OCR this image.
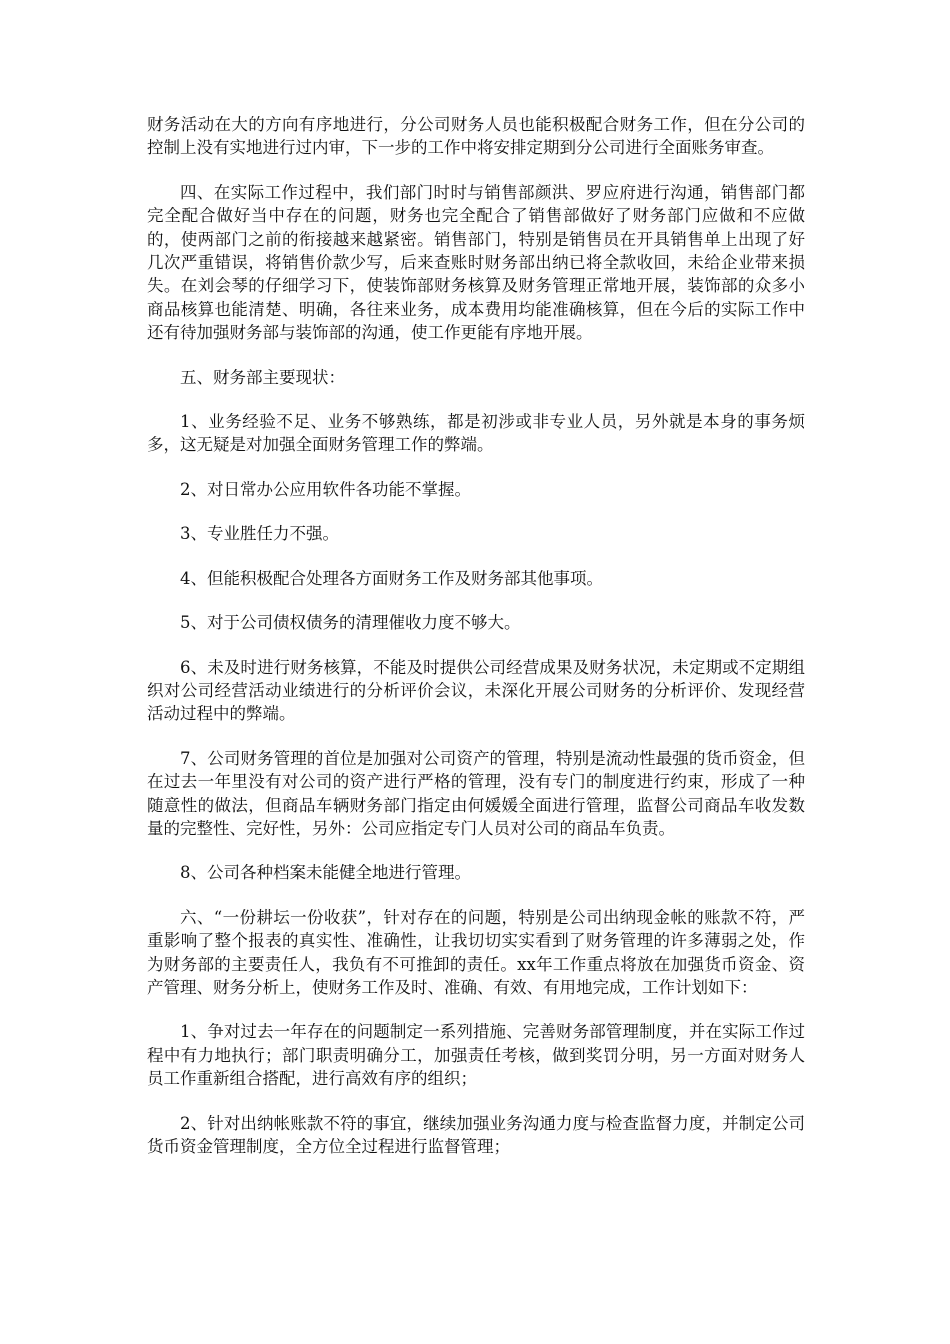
财务活动在大的方向有序地进行，分公司财务人员也能积极配合财务工作，但在分公司的控制上没有实地进行过内审，下一步的工作中将安排定期到分公司进行全面账务审查。

四、在实际工作过程中，我们部门时时与销售部颜洪、罗应府进行沟通，销售部门都完全配合做好当中存在的问题，财务也完全配合了销售部做好了财务部门应做和不应做的，使两部门之前的衔接越来越紧密。销售部门，特别是销售员在开具销售单上出现了好几次严重错误，将销售价款少写，后来查账时财务部出纳已将全款收回，未给企业带来损失。在刘会琴的仔细学习下，使装饰部财务核算及财务管理正常地开展，装饰部的众多小商品核算也能清楚、明确，各往来业务，成本费用均能准确核算，但在今后的实际工作中还有待加强财务部与装饰部的沟通，使工作更能有序地开展。

五、财务部主要现状：

1、业务经验不足、业务不够熟练，都是初涉或非专业人员，另外就是本身的事务烦多，这无疑是对加强全面财务管理工作的弊端。

2、对日常办公应用软件各功能不掌握。

3、专业胜任力不强。

4、但能积极配合处理各方面财务工作及财务部其他事项。

5、对于公司债权债务的清理催收力度不够大。

6、未及时进行财务核算，不能及时提供公司经营成果及财务状况，未定期或不定期组织对公司经营活动业绩进行的分析评价会议，未深化开展公司财务的分析评价、发现经营活动过程中的弊端。

7、公司财务管理的首位是加强对公司资产的管理，特别是流动性最强的货币资金，但在过去一年里没有对公司的资产进行严格的管理，没有专门的制度进行约束，形成了一种随意性的做法，但商品车辆财务部门指定由何媛媛全面进行管理，监督公司商品车收发数量的完整性、完好性，另外：公司应指定专门人员对公司的商品车负责。

8、公司各种档案未能健全地进行管理。

六、“一份耕坛一份收获”，针对存在的问题，特别是公司出纳现金帐的账款不符，严重影响了整个报表的真实性、准确性，让我切切实实看到了财务管理的许多薄弱之处，作为财务部的主要责任人，我负有不可推卸的责任。xx年工作重点将放在加强货币资金、资产管理、财务分析上，使财务工作及时、准确、有效、有用地完成，工作计划如下：

1、争对过去一年存在的问题制定一系列措施、完善财务部管理制度，并在实际工作过程中有力地执行；部门职责明确分工，加强责任考核，做到奖罚分明，另一方面对财务人员工作重新组合搭配，进行高效有序的组织；

2、针对出纳帐账款不符的事宜，继续加强业务沟通力度与检查监督力度，并制定公司货币资金管理制度，全方位全过程进行监督管理；
